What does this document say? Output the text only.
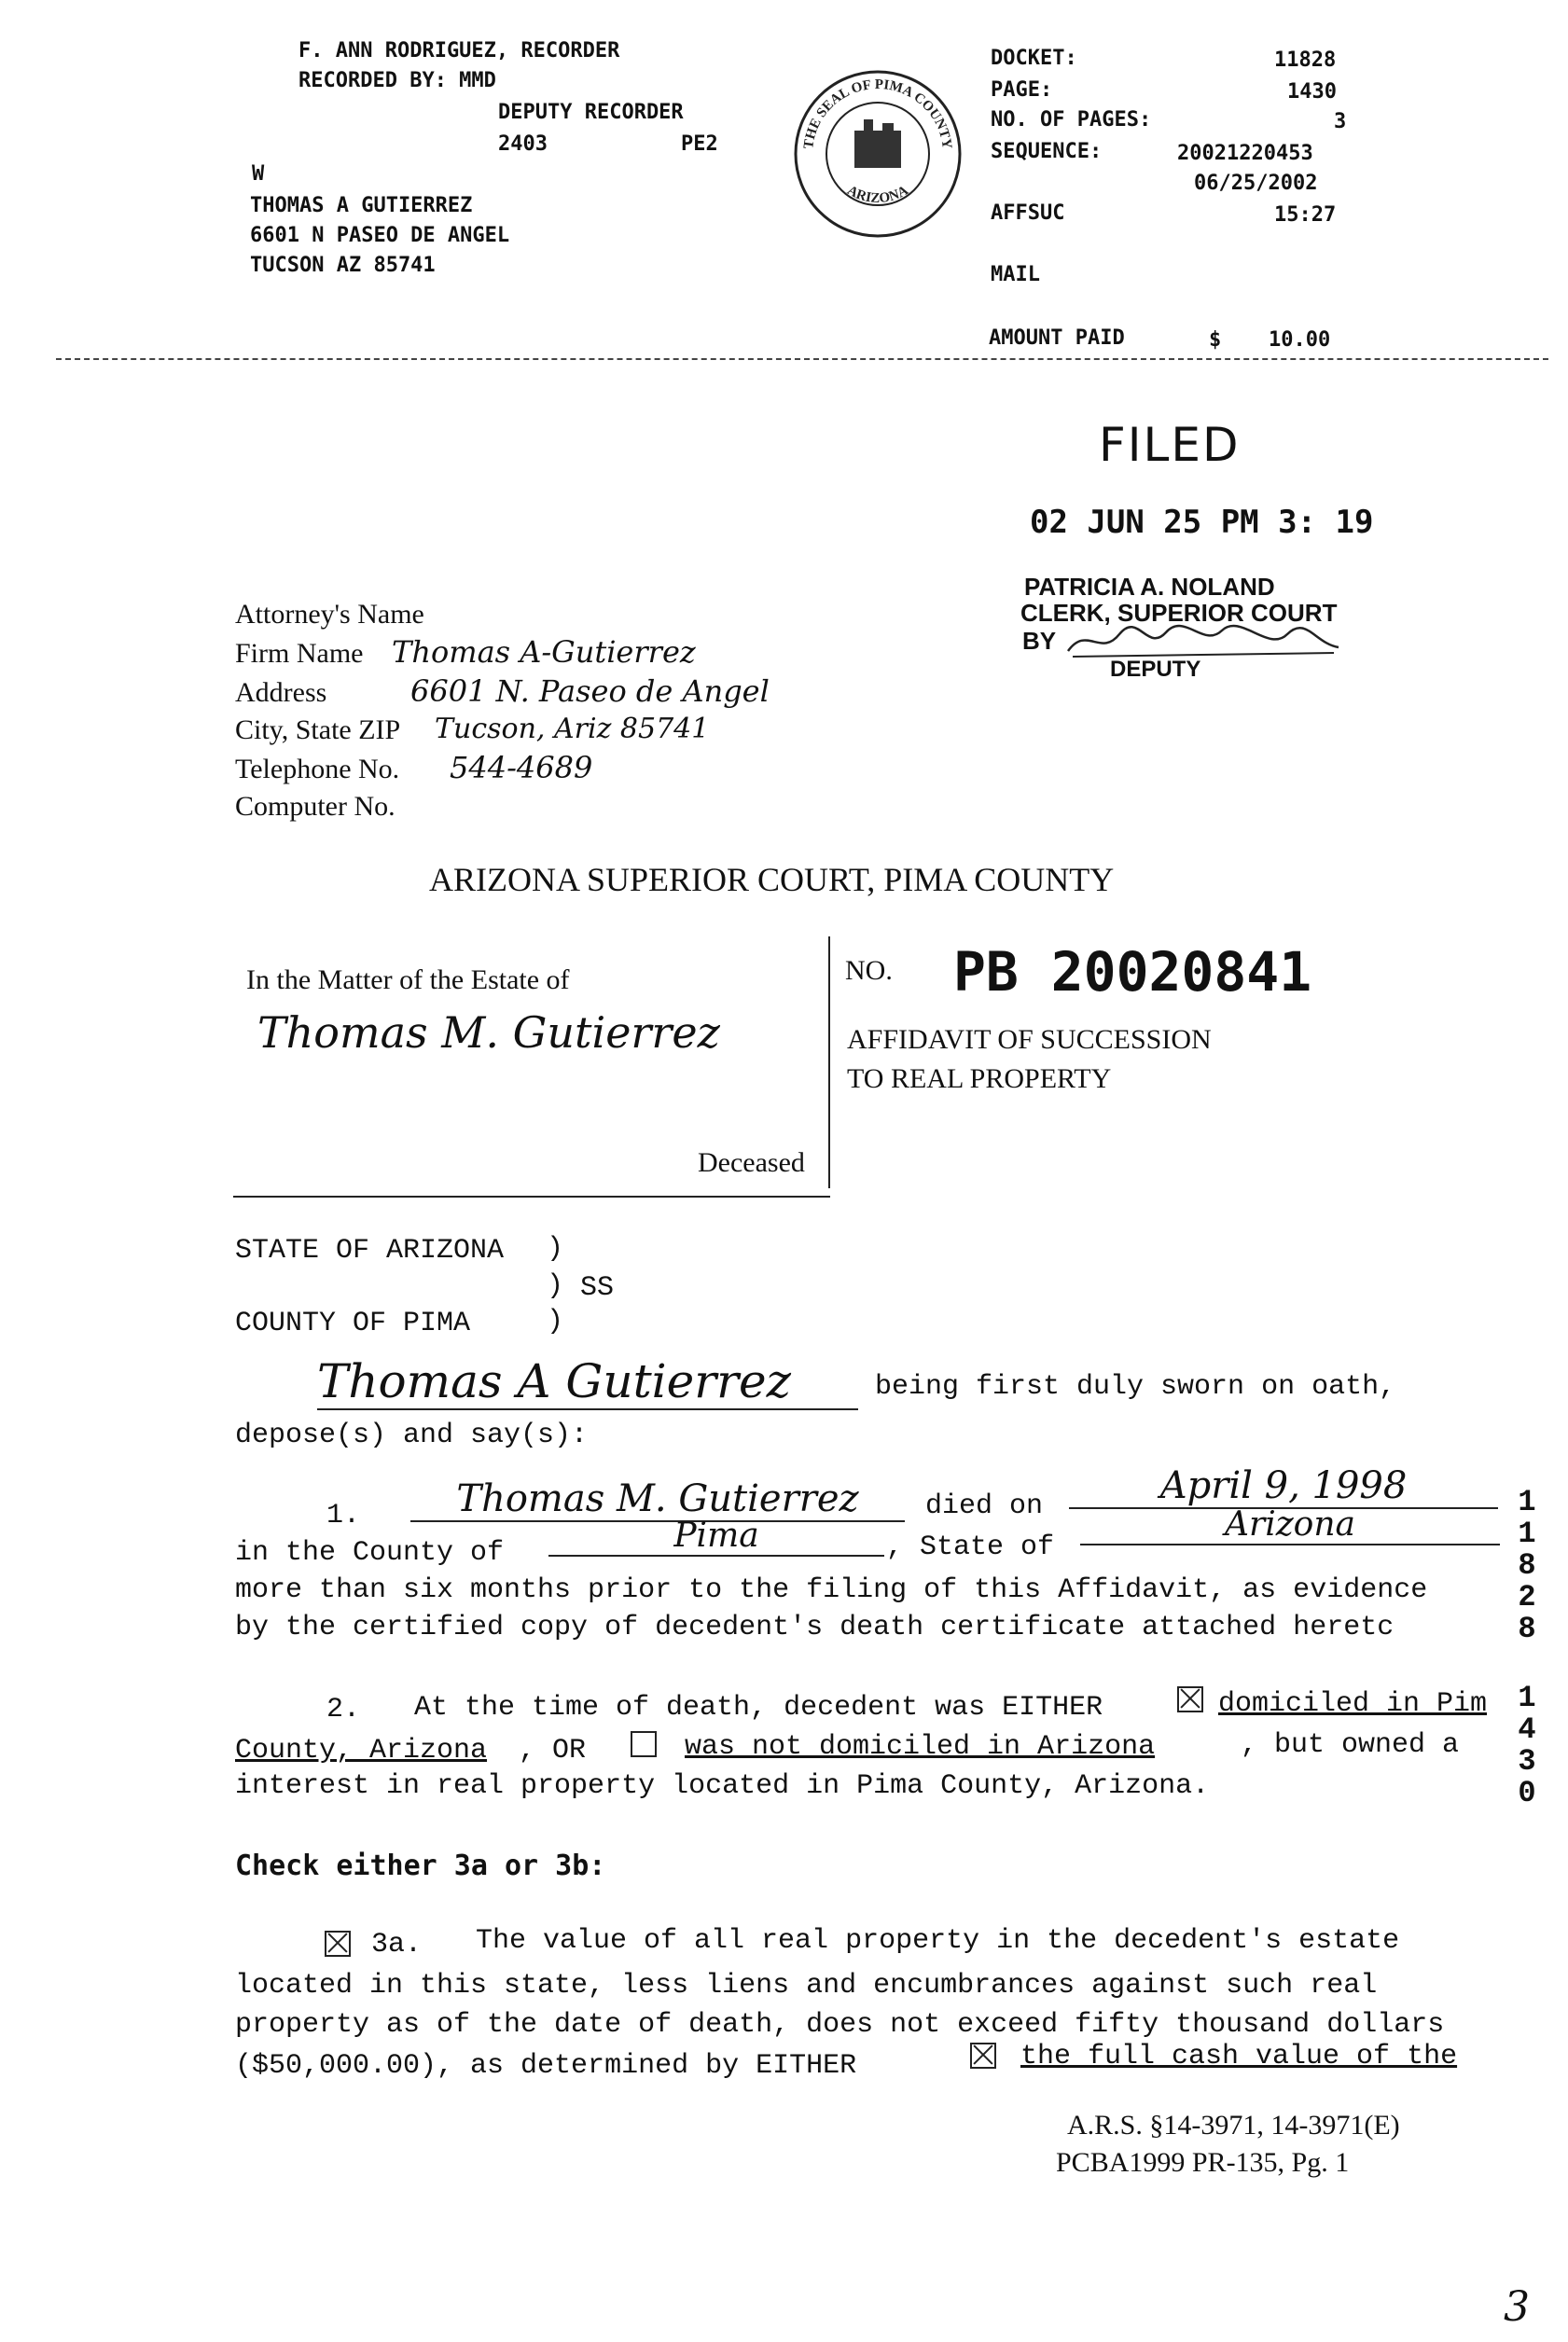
F. ANN RODRIGUEZ, RECORDER
RECORDED BY: MMD
DEPUTY RECORDER
2403	PE2
W
THOMAS A GUTIERREZ
6601 N PASEO DE ANGEL
TUCSON AZ 85741
THE SEAL OF PIMA COUNTY
ARIZONA
DOCKET:	11828
PAGE:	1430
NO. OF PAGES:	3
SEQUENCE:	20021220453
06/25/2002
AFFSUC	15:27
MAIL
AMOUNT PAID	$ 10.00
FILED
02 JUN 25 PM 3: 19
PATRICIA A. NOLAND
CLERK, SUPERIOR COURT
BY
DEPUTY
Attorney's Name
Firm Name Thomas A-Gutierrez
Address	6601 N. Paseo de Angel
City, State ZIP Tucson, Ariz 85741
Telephone No. 544-4689
Computer No.
ARIZONA SUPERIOR COURT, PIMA COUNTY
In the Matter of the Estate of
Thomas M. Gutierrez
Deceased
NO. PB 20020841
AFFIDAVIT OF SUCCESSION
TO REAL PROPERTY
STATE OF ARIZONA )
) SS
COUNTY OF PIMA	)
Thomas A Gutierrez	being first duly sworn on oath,
depose(s) and say(s):
1.	Thomas M. Gutierrez	died on	April 9, 1998
in the County of	Pima	, State of
Arizona
more than six months prior to the filing of this Affidavit, as evidence
by the certified copy of decedent's death certificate attached heretc
1
1
8
2
8
1
4
3
0
2. At the time of death, decedent was EITHER	domiciled in Pim
County, Arizona , OR	was not domiciled in Arizona	, but owned a
interest in real property located in Pima County, Arizona.
Check either 3a or 3b:
3a. The value of all real property in the decedent's estate
located in this state, less liens and encumbrances against such real
property as of the date of death, does not exceed fifty thousand dollars
($50,000.00), as determined by EITHER	the full cash value of the
A.R.S. §14-3971, 14-3971(E)
PCBA1999 PR-135, Pg. 1
3
